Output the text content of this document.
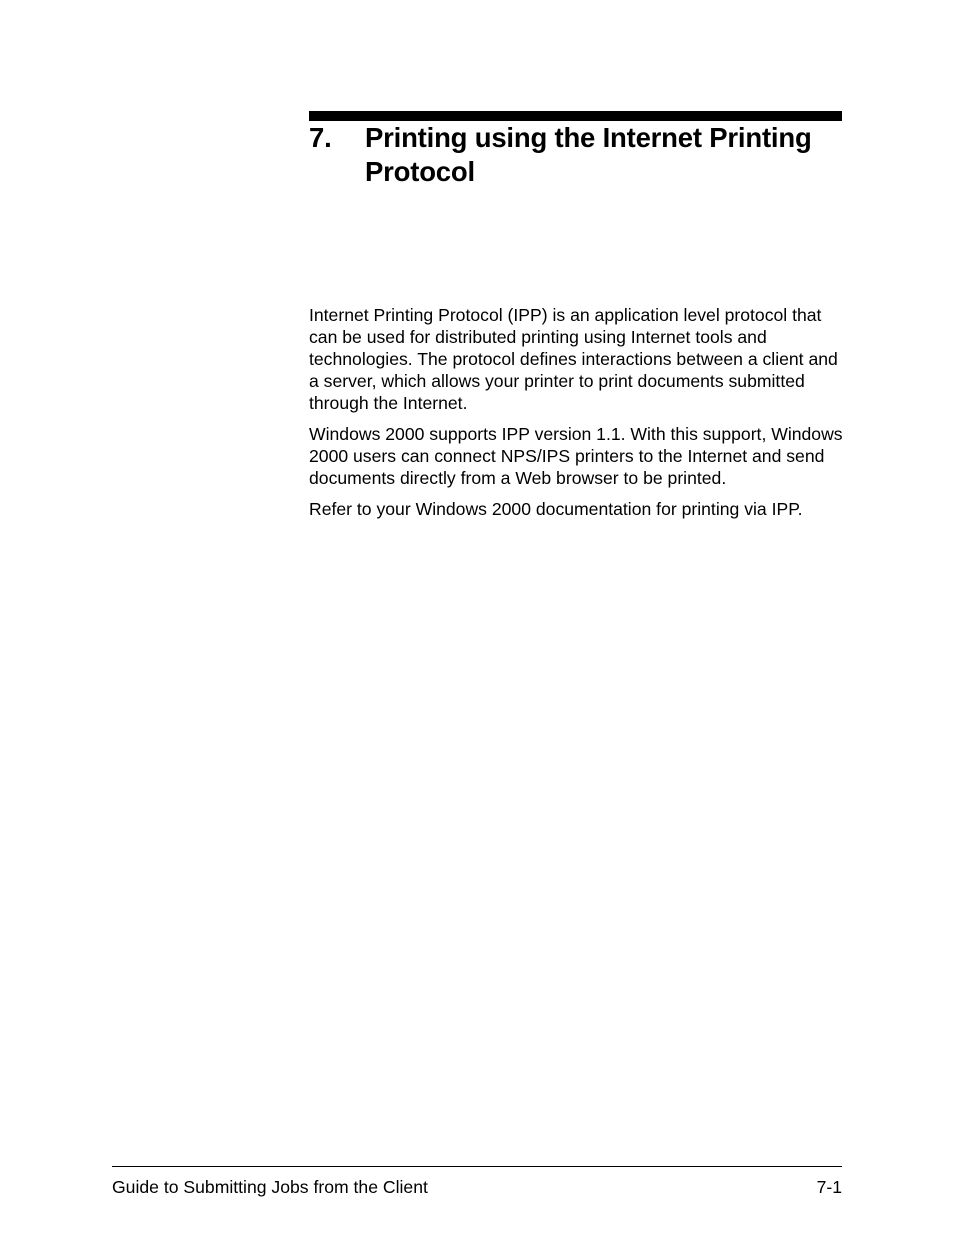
7.	Printing using the Internet Printing
Protocol

Internet Printing Protocol (IPP) is an application level protocol that can be used for distributed printing using Internet tools and technologies. The protocol defines interactions between a client and a server, which allows your printer to print documents submitted through the Internet.

Windows 2000 supports IPP version 1.1. With this support, Windows 2000 users can connect NPS/IPS printers to the Internet and send documents directly from a Web browser to be printed.

Refer to your Windows 2000 documentation for printing via IPP.

Guide to Submitting Jobs from the Client	7-1
